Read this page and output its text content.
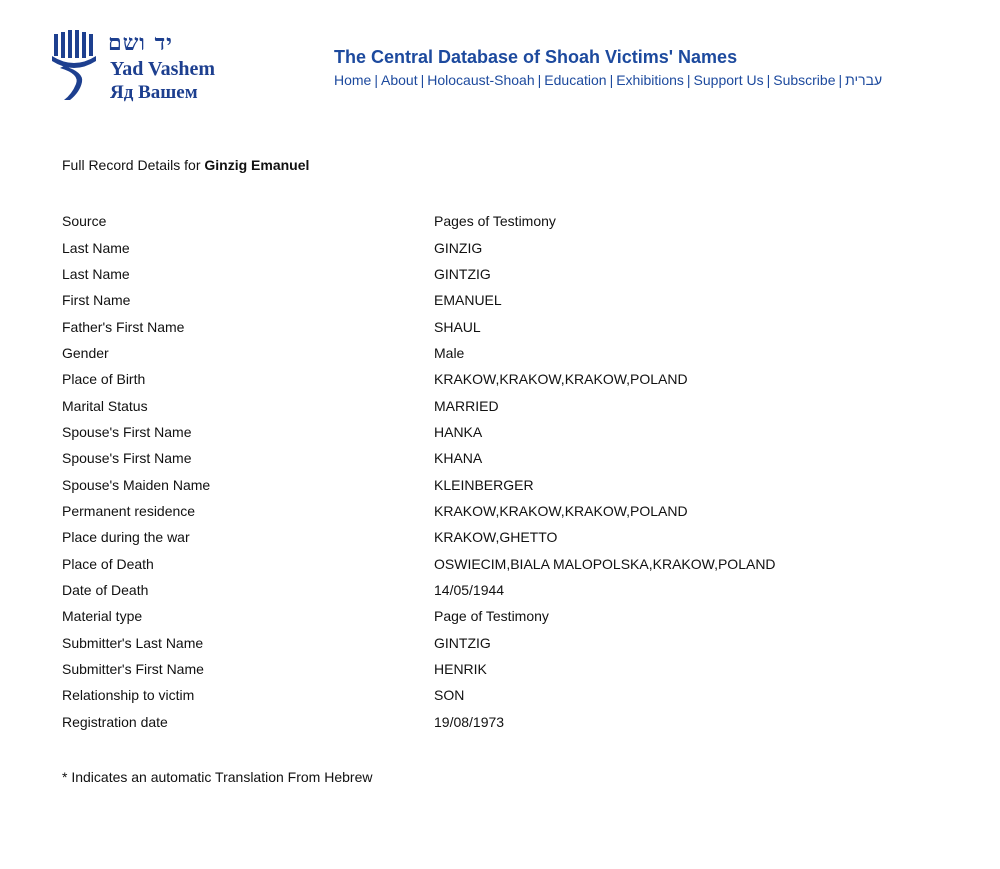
יד ושם
Yad Vashem
Яд Вашем
The Central Database of Shoah Victims' Names
Home | About | Holocaust-Shoah | Education | Exhibitions | Support Us | Subscribe | עברית
Full Record Details for Ginzig Emanuel
Source	Pages of Testimony
Last Name	GINZIG
Last Name	GINTZIG
First Name	EMANUEL
Father's First Name	SHAUL
Gender	Male
Place of Birth	KRAKOW,KRAKOW,KRAKOW,POLAND
Marital Status	MARRIED
Spouse's First Name	HANKA
Spouse's First Name	KHANA
Spouse's Maiden Name	KLEINBERGER
Permanent residence	KRAKOW,KRAKOW,KRAKOW,POLAND
Place during the war	KRAKOW,GHETTO
Place of Death	OSWIECIM,BIALA MALOPOLSKA,KRAKOW,POLAND
Date of Death	14/05/1944
Material type	Page of Testimony
Submitter's Last Name	GINTZIG
Submitter's First Name	HENRIK
Relationship to victim	SON
Registration date	19/08/1973
* Indicates an automatic Translation From Hebrew
